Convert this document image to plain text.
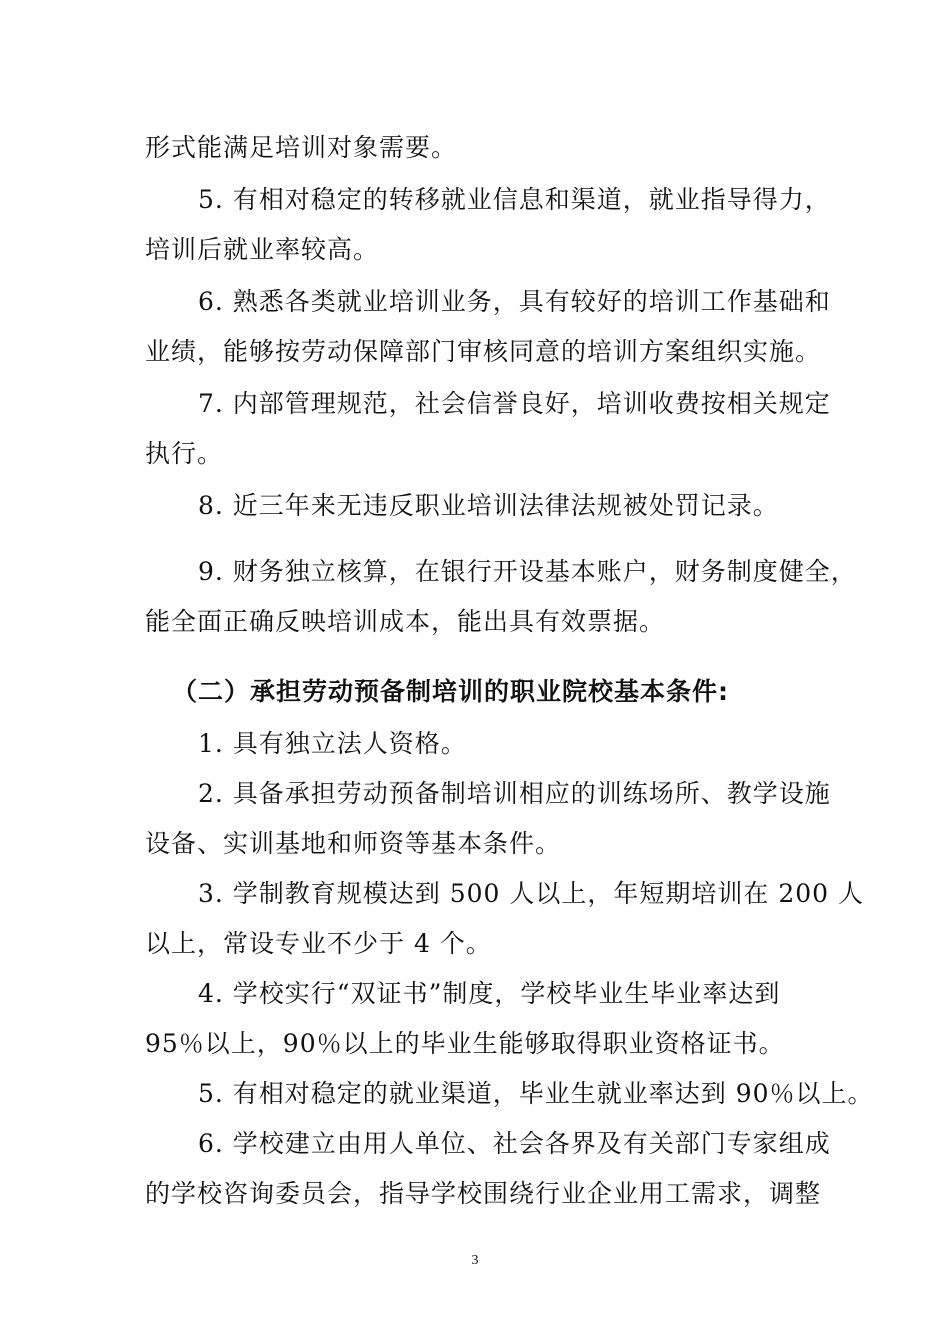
形式能满足培训对象需要。
5. 有相对稳定的转移就业信息和渠道，就业指导得力，
培训后就业率较高。
6. 熟悉各类就业培训业务，具有较好的培训工作基础和
业绩，能够按劳动保障部门审核同意的培训方案组织实施。
7. 内部管理规范，社会信誉良好，培训收费按相关规定
执行。
8. 近三年来无违反职业培训法律法规被处罚记录。
9. 财务独立核算，在银行开设基本账户，财务制度健全，
能全面正确反映培训成本，能出具有效票据。
（二）承担劳动预备制培训的职业院校基本条件:
1. 具有独立法人资格。
2. 具备承担劳动预备制培训相应的训练场所、教学设施
设备、实训基地和师资等基本条件。
3. 学制教育规模达到 500 人以上，年短期培训在 200 人
以上，常设专业不少于 4 个。
4. 学校实行“双证书”制度，学校毕业生毕业率达到
95％以上，90％以上的毕业生能够取得职业资格证书。
5. 有相对稳定的就业渠道，毕业生就业率达到 90％以上。
6. 学校建立由用人单位、社会各界及有关部门专家组成
的学校咨询委员会，指导学校围绕行业企业用工需求，调整
3
